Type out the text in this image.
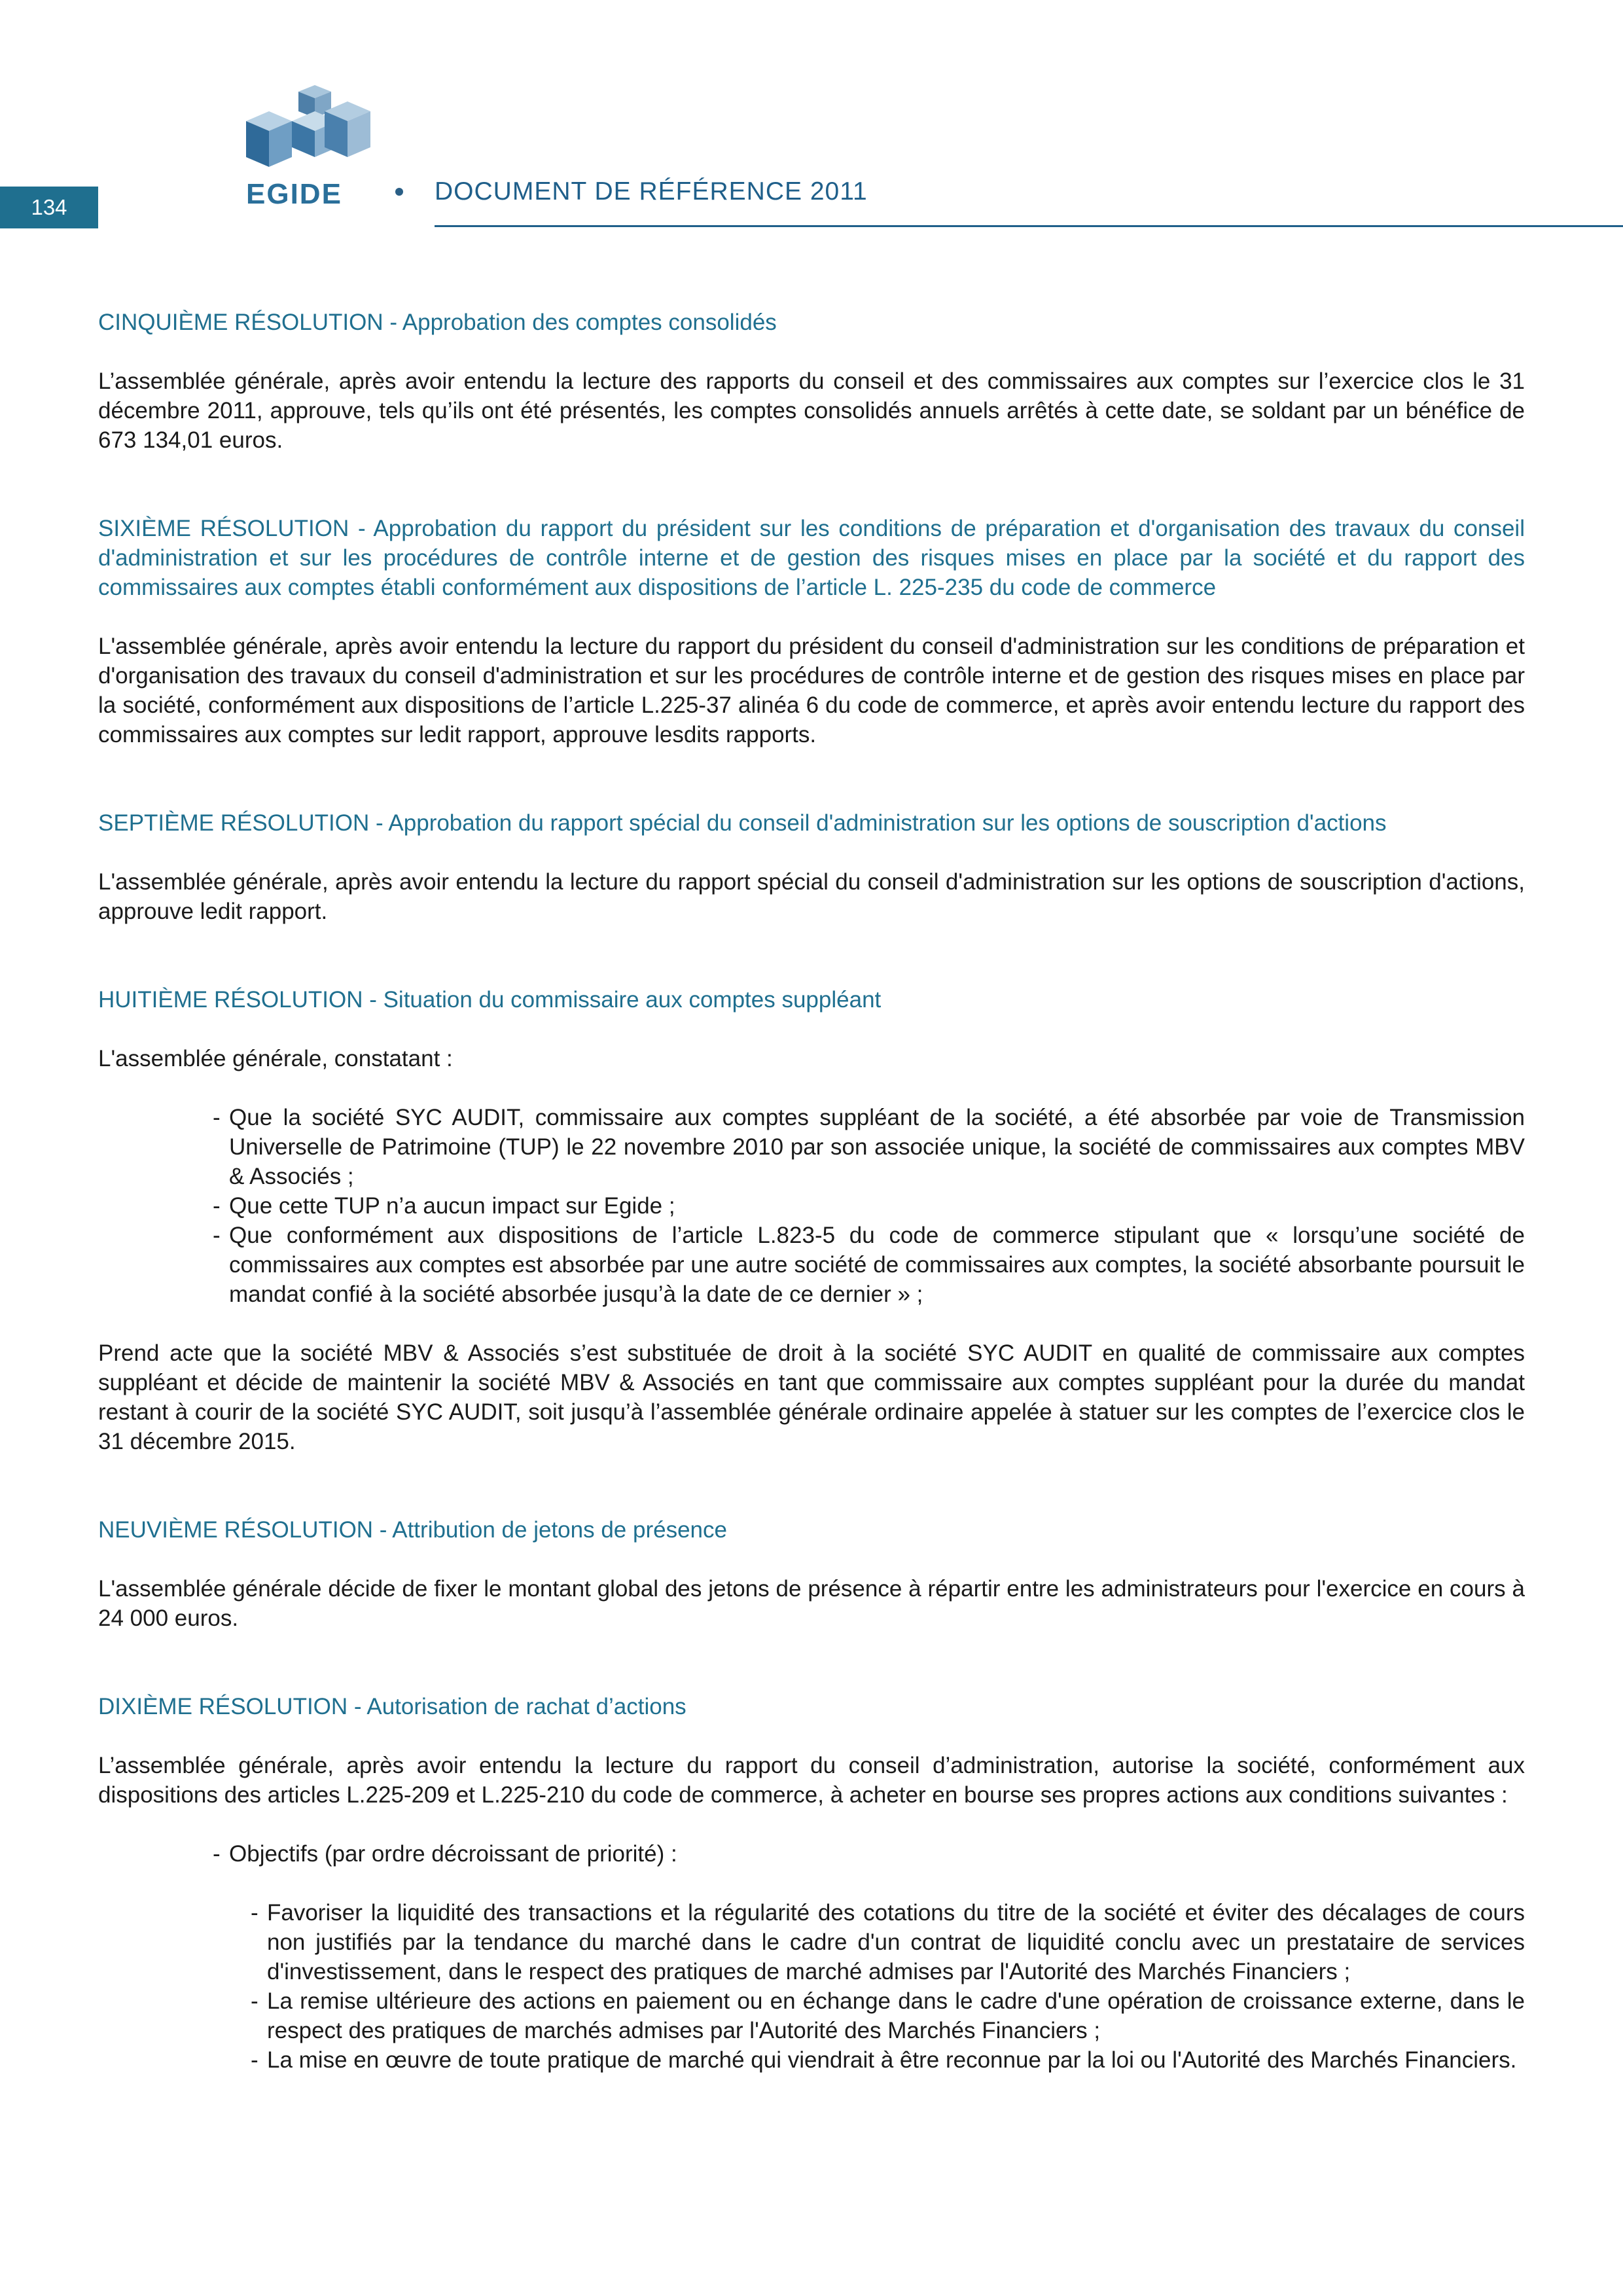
134	EGIDE	DOCUMENT DE RÉFÉRENCE 2011

CINQUIÈME RÉSOLUTION - Approbation des comptes consolidés

L’assemblée générale, après avoir entendu la lecture des rapports du conseil et des commissaires aux comptes sur l’exercice clos le 31 décembre 2011, approuve, tels qu’ils ont été présentés, les comptes consolidés annuels arrêtés à cette date, se soldant par un bénéfice de 673 134,01 euros.

SIXIÈME RÉSOLUTION - Approbation du rapport du président sur les conditions de préparation et d'organisation des travaux du conseil d'administration et sur les procédures de contrôle interne et de gestion des risques mises en place par la société et du rapport des commissaires aux comptes établi conformément aux dispositions de l’article L. 225-235 du code de commerce

L'assemblée générale, après avoir entendu la lecture du rapport du président du conseil d'administration sur les conditions de préparation et d'organisation des travaux du conseil d'administration et sur les procédures de contrôle interne et de gestion des risques mises en place par la société, conformément aux dispositions de l’article L.225-37 alinéa 6 du code de commerce, et après avoir entendu lecture du rapport des commissaires aux comptes sur ledit rapport, approuve lesdits rapports.

SEPTIÈME RÉSOLUTION - Approbation du rapport spécial du conseil d'administration sur les options de souscription d'actions

L'assemblée générale, après avoir entendu la lecture du rapport spécial du conseil d'administration sur les options de souscription d'actions, approuve ledit rapport.

HUITIÈME RÉSOLUTION - Situation du commissaire aux comptes suppléant

L'assemblée générale, constatant :

- Que la société SYC AUDIT, commissaire aux comptes suppléant de la société, a été absorbée par voie de Transmission Universelle de Patrimoine (TUP) le 22 novembre 2010 par son associée unique, la société de commissaires aux comptes MBV & Associés ;
- Que cette TUP n’a aucun impact sur Egide ;
- Que conformément aux dispositions de l’article L.823-5 du code de commerce stipulant que « lorsqu’une société de commissaires aux comptes est absorbée par une autre société de commissaires aux comptes, la société absorbante poursuit le mandat confié à la société absorbée jusqu’à la date de ce dernier » ;

Prend acte que la société MBV & Associés s’est substituée de droit à la société SYC AUDIT en qualité de commissaire aux comptes suppléant et décide de maintenir la société MBV & Associés en tant que commissaire aux comptes suppléant pour la durée du mandat restant à courir de la société SYC AUDIT, soit jusqu’à l’assemblée générale ordinaire appelée à statuer sur les comptes de l’exercice clos le 31 décembre 2015.

NEUVIÈME RÉSOLUTION - Attribution de jetons de présence

L'assemblée générale décide de fixer le montant global des jetons de présence à répartir entre les administrateurs pour l'exercice en cours à 24 000 euros.

DIXIÈME RÉSOLUTION - Autorisation de rachat d’actions

L’assemblée générale, après avoir entendu la lecture du rapport du conseil d’administration, autorise la société, conformément aux dispositions des articles L.225-209 et L.225-210 du code de commerce, à acheter en bourse ses propres actions aux conditions suivantes :

- Objectifs (par ordre décroissant de priorité) :

- Favoriser la liquidité des transactions et la régularité des cotations du titre de la société et éviter des décalages de cours non justifiés par la tendance du marché dans le cadre d'un contrat de liquidité conclu avec un prestataire de services d'investissement, dans le respect des pratiques de marché admises par l'Autorité des Marchés Financiers ;
- La remise ultérieure des actions en paiement ou en échange dans le cadre d'une opération de croissance externe, dans le respect des pratiques de marchés admises par l'Autorité des Marchés Financiers ;
- La mise en œuvre de toute pratique de marché qui viendrait à être reconnue par la loi ou l'Autorité des Marchés Financiers.
